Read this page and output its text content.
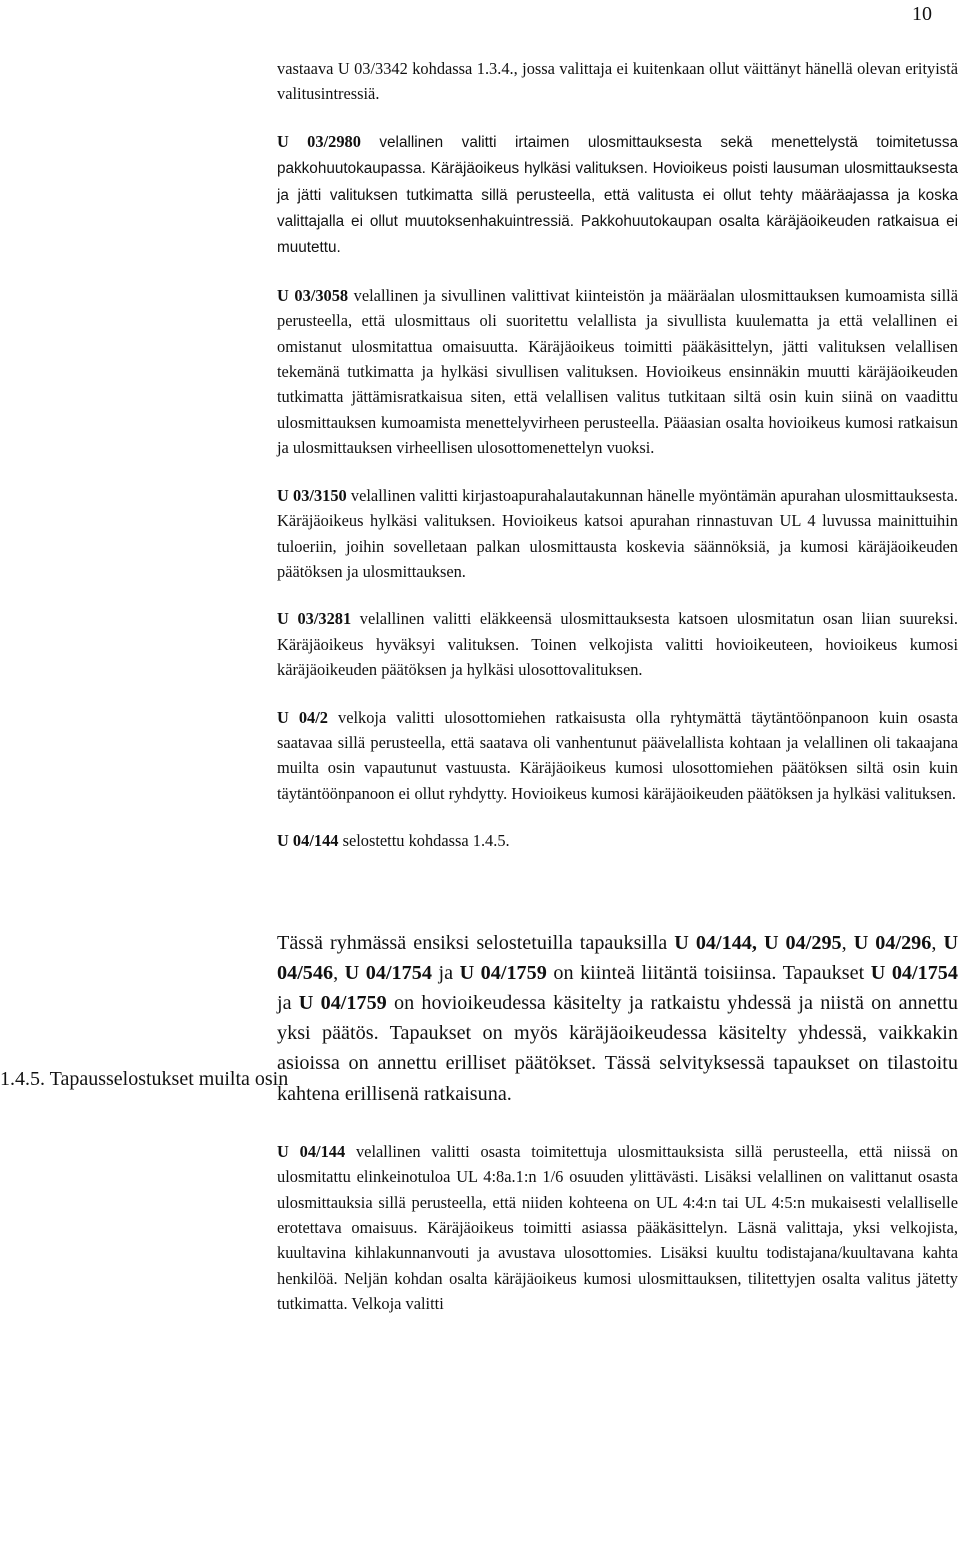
10
1.4.5. Tapausselostukset muilta osin

vastaava U 03/3342 kohdassa 1.3.4., jossa valittaja ei kuitenkaan ollut väittänyt hänellä olevan erityistä valitusintressiä.

U 03/2980 velallinen valitti irtaimen ulosmittauksesta sekä menettelystä toimitetussa pakkohuutokaupassa. Käräjäoikeus hylkäsi valituksen. Hovioikeus poisti lausuman ulosmittauksesta ja jätti valituksen tutkimatta sillä perusteella, että valitusta ei ollut tehty määräajassa ja koska valittajalla ei ollut muutoksenhakuintressiä. Pakkohuutokaupan osalta käräjäoikeuden ratkaisua ei muutettu.

U 03/3058 velallinen ja sivullinen valittivat kiinteistön ja määräalan ulosmittauksen kumoamista sillä perusteella, että ulosmittaus oli suoritettu velallista ja sivullista kuulematta ja että velallinen ei omistanut ulosmitattua omaisuutta. Käräjäoikeus toimitti pääkäsittelyn, jätti valituksen velallisen tekemänä tutkimatta ja hylkäsi sivullisen valituksen. Hovioikeus ensinnäkin muutti käräjäoikeuden tutkimatta jättämisratkaisua siten, että velallisen valitus tutkitaan siltä osin kuin siinä on vaadittu ulosmittauksen kumoamista menettelyvirheen perusteella. Pääasian osalta hovioikeus kumosi ratkaisun ja ulosmittauksen virheellisen ulosottomenettelyn vuoksi.

U 03/3150 velallinen valitti kirjastoapurahalautakunnan hänelle myöntämän apurahan ulosmittauksesta. Käräjäoikeus hylkäsi valituksen. Hovioikeus katsoi apurahan rinnastuvan UL 4 luvussa mainittuihin tuloeriin, joihin sovelletaan palkan ulosmittausta koskevia säännöksiä, ja kumosi käräjäoikeuden päätöksen ja ulosmittauksen.

U 03/3281 velallinen valitti eläkkeensä ulosmittauksesta katsoen ulosmitatun osan liian suureksi. Käräjäoikeus hyväksyi valituksen. Toinen velkojista valitti hovioikeuteen, hovioikeus kumosi käräjäoikeuden päätöksen ja hylkäsi ulosottovalituksen.

U 04/2 velkoja valitti ulosottomiehen ratkaisusta olla ryhtymättä täytäntöönpanoon kuin osasta saatavaa sillä perusteella, että saatava oli vanhentunut päävelallista kohtaan ja velallinen oli takaajana muilta osin vapautunut vastuusta. Käräjäoikeus kumosi ulosottomiehen päätöksen siltä osin kuin täytäntöönpanoon ei ollut ryhdytty. Hovioikeus kumosi käräjäoikeuden päätöksen ja hylkäsi valituksen.

U 04/144 selostettu kohdassa 1.4.5.

Tässä ryhmässä ensiksi selostetuilla tapauksilla U 04/144, U 04/295, U 04/296, U 04/546, U 04/1754 ja U 04/1759 on kiinteä liitäntä toisiinsa. Tapaukset U 04/1754 ja U 04/1759 on hovioikeudessa käsitelty ja ratkaistu yhdessä ja niistä on annettu yksi päätös. Tapaukset on myös käräjäoikeudessa käsitelty yhdessä, vaikkakin asioissa on annettu erilliset päätökset. Tässä selvityksessä tapaukset on tilastoitu kahtena erillisenä ratkaisuna.

U 04/144 velallinen valitti osasta toimitettuja ulosmittauksista sillä perusteella, että niissä on ulosmitattu elinkeinotuloa UL 4:8a.1:n 1/6 osuuden ylittävästi. Lisäksi velallinen on valittanut osasta ulosmittauksia sillä perusteella, että niiden kohteena on UL 4:4:n tai UL 4:5:n mukaisesti velalliselle erotettava omaisuus. Käräjäoikeus toimitti asiassa pääkäsittelyn. Läsnä valittaja, yksi velkojista, kuultavina kihlakunnanvouti ja avustava ulosottomies. Lisäksi kuultu todistajana/kuultavana kahta henkilöä. Neljän kohdan osalta käräjäoikeus kumosi ulosmittauksen, tilitettyjen osalta valitus jätetty tutkimatta. Velkoja valitti
